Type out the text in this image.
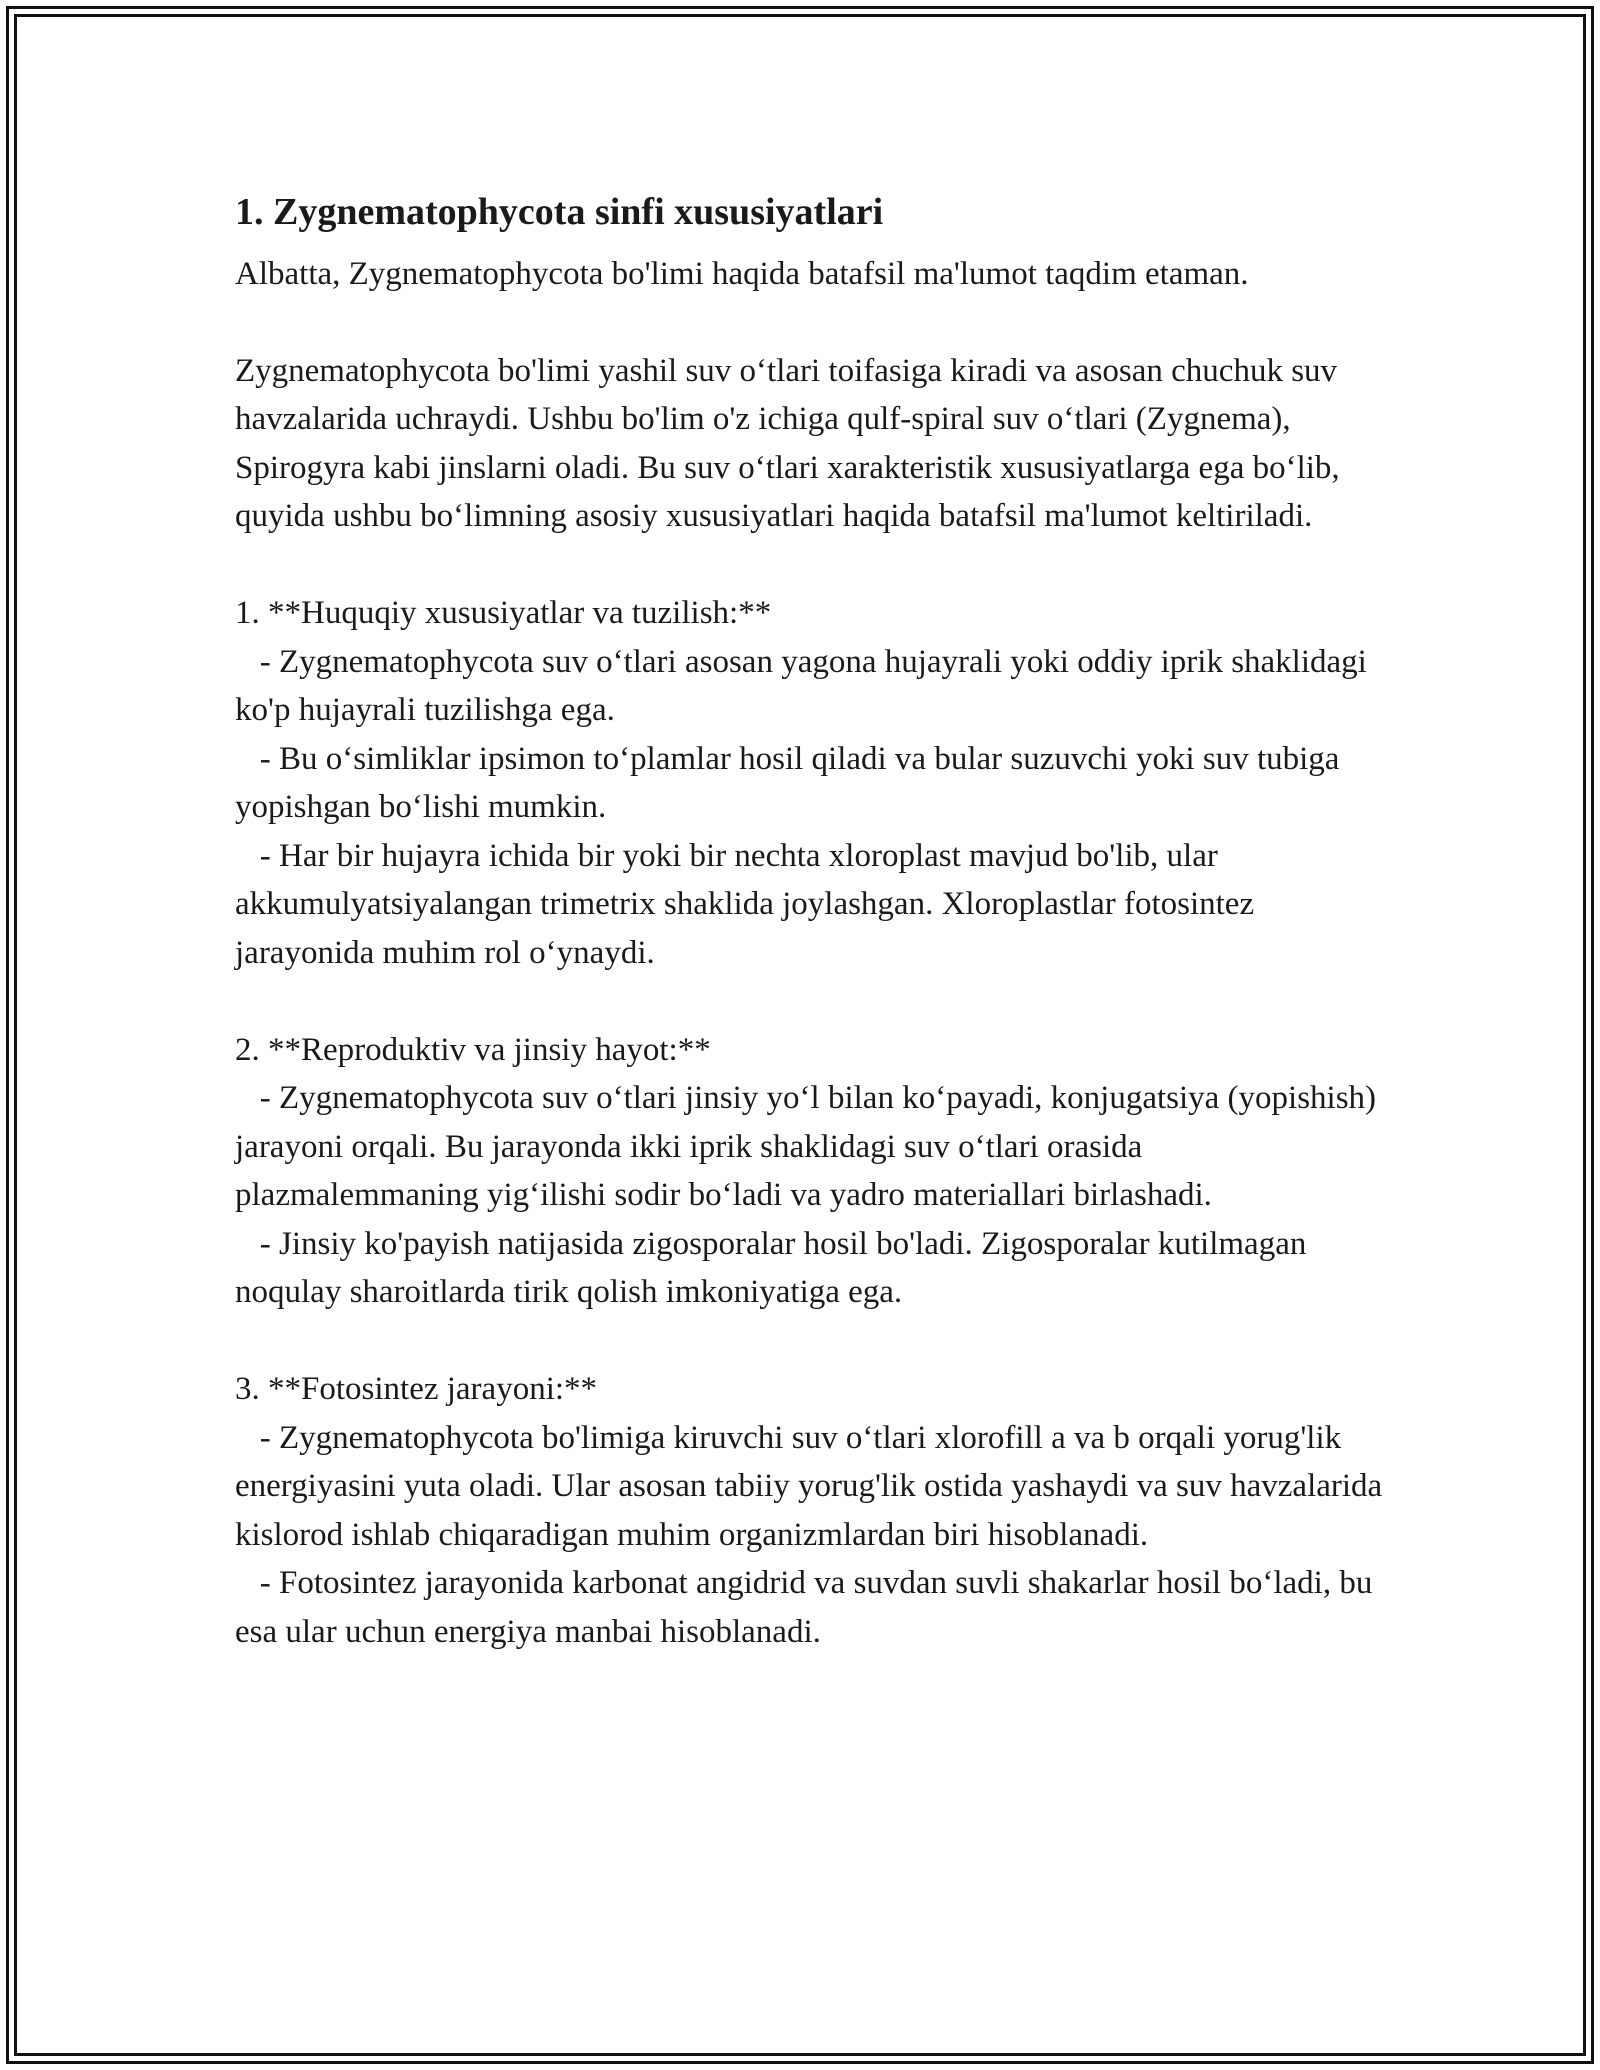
1. Zygnematophycota sinfi xususiyatlari

Albatta, Zygnematophycota bo'limi haqida batafsil ma'lumot taqdim etaman.

Zygnematophycota bo'limi yashil suv o‘tlari toifasiga kiradi va asosan chuchuk suv havzalarida uchraydi. Ushbu bo'lim o'z ichiga qulf-spiral suv o‘tlari (Zygnema), Spirogyra kabi jinslarni oladi. Bu suv o‘tlari xarakteristik xususiyatlarga ega bo‘lib, quyida ushbu bo‘limning asosiy xususiyatlari haqida batafsil ma'lumot keltiriladi.

1. **Huquqiy xususiyatlar va tuzilish:**

- Zygnematophycota suv o‘tlari asosan yagona hujayrali yoki oddiy iprik shaklidagi ko'p hujayrali tuzilishga ega.

- Bu o‘simliklar ipsimon to‘plamlar hosil qiladi va bular suzuvchi yoki suv tubiga yopishgan bo‘lishi mumkin.

- Har bir hujayra ichida bir yoki bir nechta xloroplast mavjud bo'lib, ular akkumulyatsiyalangan trimetrix shaklida joylashgan. Xloroplastlar fotosintez jarayonida muhim rol o‘ynaydi.

2. **Reproduktiv va jinsiy hayot:**

- Zygnematophycota suv o‘tlari jinsiy yo‘l bilan ko‘payadi, konjugatsiya (yopishish) jarayoni orqali. Bu jarayonda ikki iprik shaklidagi suv o‘tlari orasida plazmalemmaning yig‘ilishi sodir bo‘ladi va yadro materiallari birlashadi.

- Jinsiy ko'payish natijasida zigosporalar hosil bo'ladi. Zigosporalar kutilmagan noqulay sharoitlarda tirik qolish imkoniyatiga ega.

3. **Fotosintez jarayoni:**

- Zygnematophycota bo'limiga kiruvchi suv o‘tlari xlorofill a va b orqali yorug'lik energiyasini yuta oladi. Ular asosan tabiiy yorug'lik ostida yashaydi va suv havzalarida kislorod ishlab chiqaradigan muhim organizmlardan biri hisoblanadi.

- Fotosintez jarayonida karbonat angidrid va suvdan suvli shakarlar hosil bo‘ladi, bu esa ular uchun energiya manbai hisoblanadi.
